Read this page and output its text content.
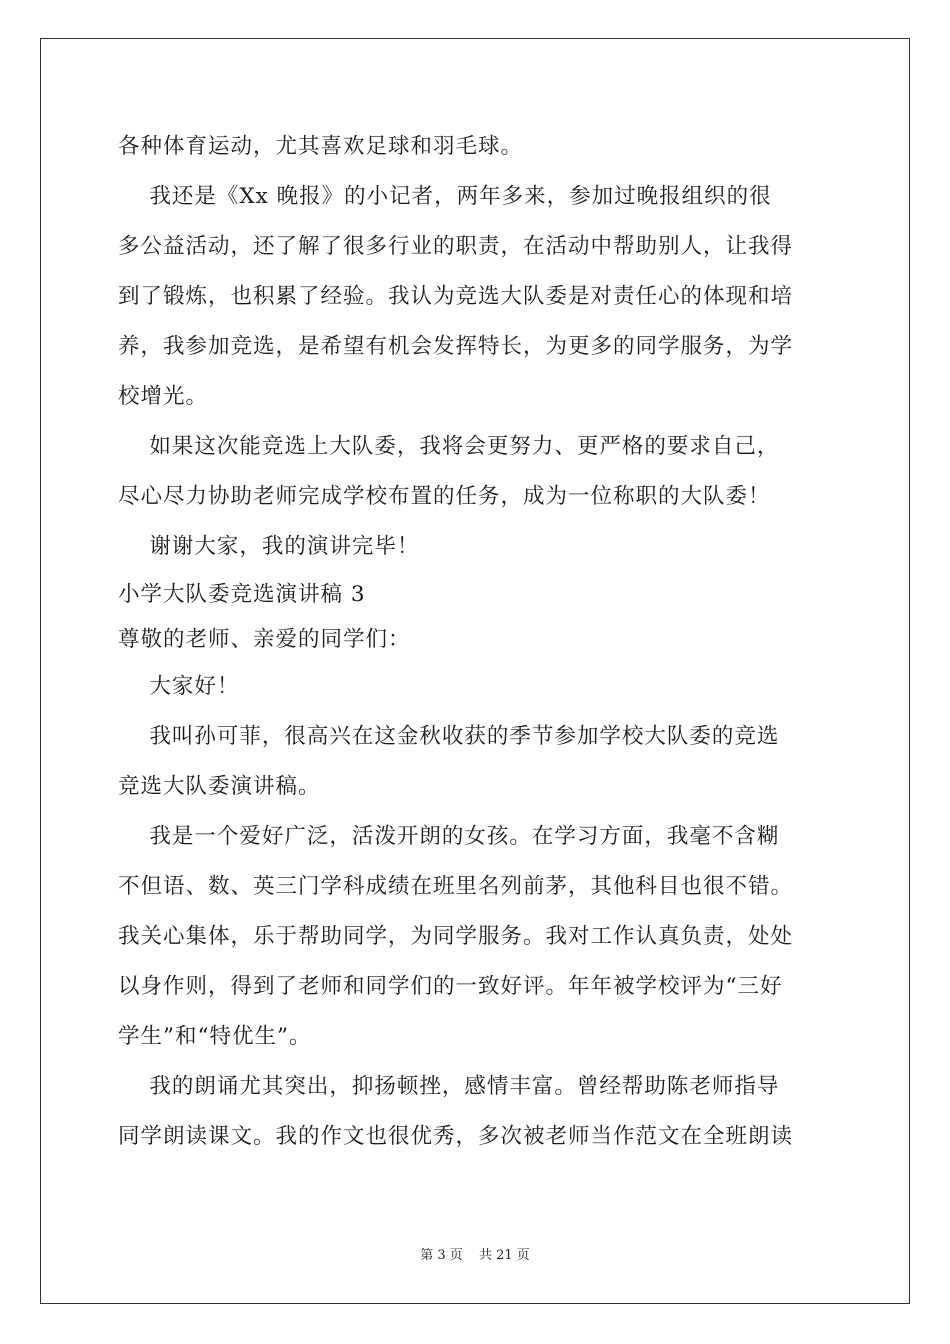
各种体育运动，尤其喜欢足球和羽毛球。
我还是《Xx 晚报》的小记者，两年多来，参加过晚报组织的很
多公益活动，还了解了很多行业的职责，在活动中帮助别人，让我得
到了锻炼，也积累了经验。我认为竞选大队委是对责任心的体现和培
养，我参加竞选，是希望有机会发挥特长，为更多的同学服务，为学
校增光。
如果这次能竞选上大队委，我将会更努力、更严格的要求自己，
尽心尽力协助老师完成学校布置的任务，成为一位称职的大队委！
谢谢大家，我的演讲完毕！
小学大队委竞选演讲稿 3
尊敬的老师、亲爱的同学们：
大家好！
我叫孙可菲，很高兴在这金秋收获的季节参加学校大队委的竞选
竞选大队委演讲稿。
我是一个爱好广泛，活泼开朗的女孩。在学习方面，我毫不含糊
不但语、数、英三门学科成绩在班里名列前茅，其他科目也很不错。
我关心集体，乐于帮助同学，为同学服务。我对工作认真负责，处处
以身作则，得到了老师和同学们的一致好评。年年被学校评为“三好
学生”和“特优生”。
我的朗诵尤其突出，抑扬顿挫，感情丰富。曾经帮助陈老师指导
同学朗读课文。我的作文也很优秀，多次被老师当作范文在全班朗读
第 3 页 共 21 页
